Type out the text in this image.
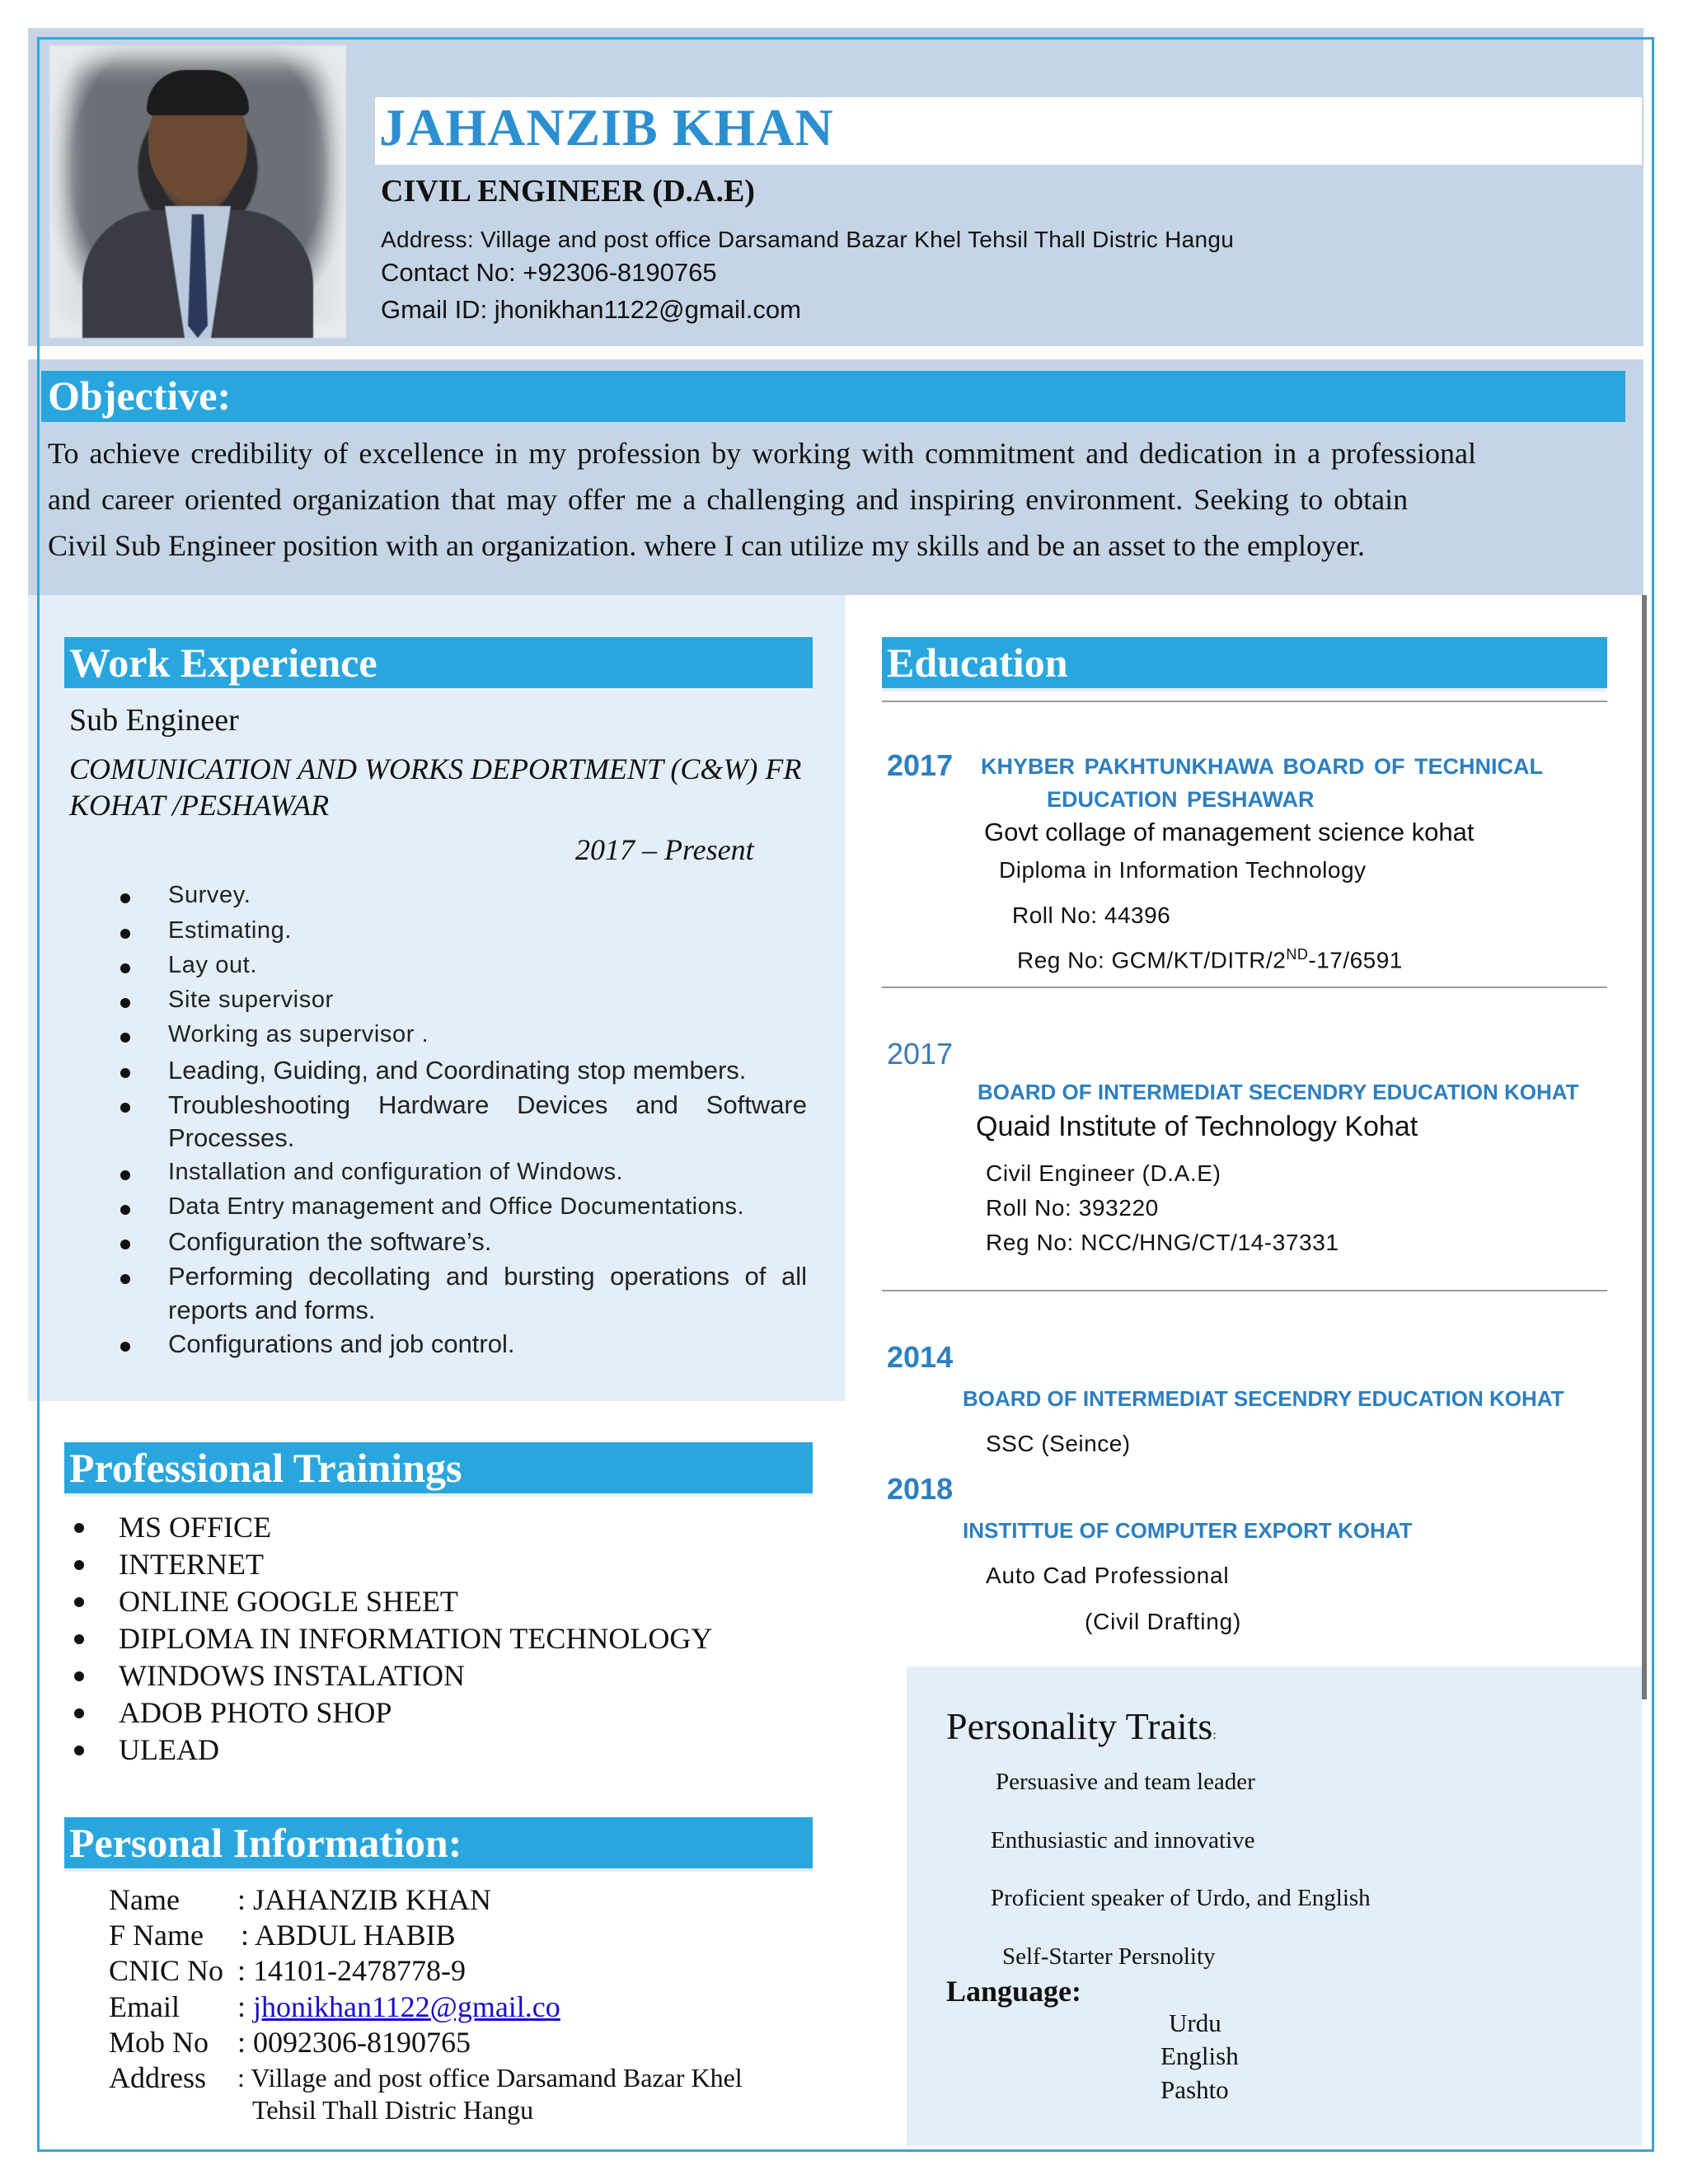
JAHANZIB KHAN
CIVIL ENGINEER (D.A.E)
Address: Village and post office Darsamand Bazar Khel Tehsil Thall Distric Hangu
Contact No: +92306-8190765
Gmail ID: jhonikhan1122@gmail.com
Objective:
To achieve credibility of excellence in my profession by working with commitment and dedication in a professional
and career oriented organization that may offer me a challenging and inspiring environment. Seeking to obtain
Civil Sub Engineer position with an organization. where I can utilize my skills and be an asset to the employer.
Work Experience
Sub Engineer
COMUNICATION AND WORKS DEPORTMENT (C&W) FR
KOHAT /PESHAWAR
2017 – Present
Survey.
Estimating.
Lay out.
Site supervisor
Working as supervisor .
Leading, Guiding, and Coordinating stop members.
Troubleshooting Hardware Devices and Software
Processes.
Installation and configuration of Windows.
Data Entry management and Office Documentations.
Configuration the software’s.
Performing decollating and bursting operations of all
reports and forms.
Configurations and job control.
Professional Trainings
MS OFFICE
INTERNET
ONLINE GOOGLE SHEET
DIPLOMA IN INFORMATION TECHNOLOGY
WINDOWS INSTALATION
ADOB PHOTO SHOP
ULEAD
Personal Information:
Name : JAHANZIB KHAN
F Name : ABDUL HABIB
CNIC No : 14101-2478778-9
Email : jhonikhan1122@gmail.co
Mob No : 0092306-8190765
Address : Village and post office Darsamand Bazar Khel
Tehsil Thall Distric Hangu
Education
2017 KHYBER PAKHTUNKHAWA BOARD OF TECHNICAL
EDUCATION PESHAWAR
Govt collage of management science kohat
Diploma in Information Technology
Roll No: 44396
Reg No: GCM/KT/DITR/2ND-17/6591
2017
BOARD OF INTERMEDIAT SECENDRY EDUCATION KOHAT
Quaid Institute of Technology Kohat
Civil Engineer (D.A.E)
Roll No: 393220
Reg No: NCC/HNG/CT/14-37331
2014
BOARD OF INTERMEDIAT SECENDRY EDUCATION KOHAT
SSC (Seince)
2018
INSTITTUE OF COMPUTER EXPORT KOHAT
Auto Cad Professional
(Civil Drafting)
Personality Traits:
Persuasive and team leader
Enthusiastic and innovative
Proficient speaker of Urdo, and English
Self-Starter Persnolity
Language:
Urdu
English
Pashto
